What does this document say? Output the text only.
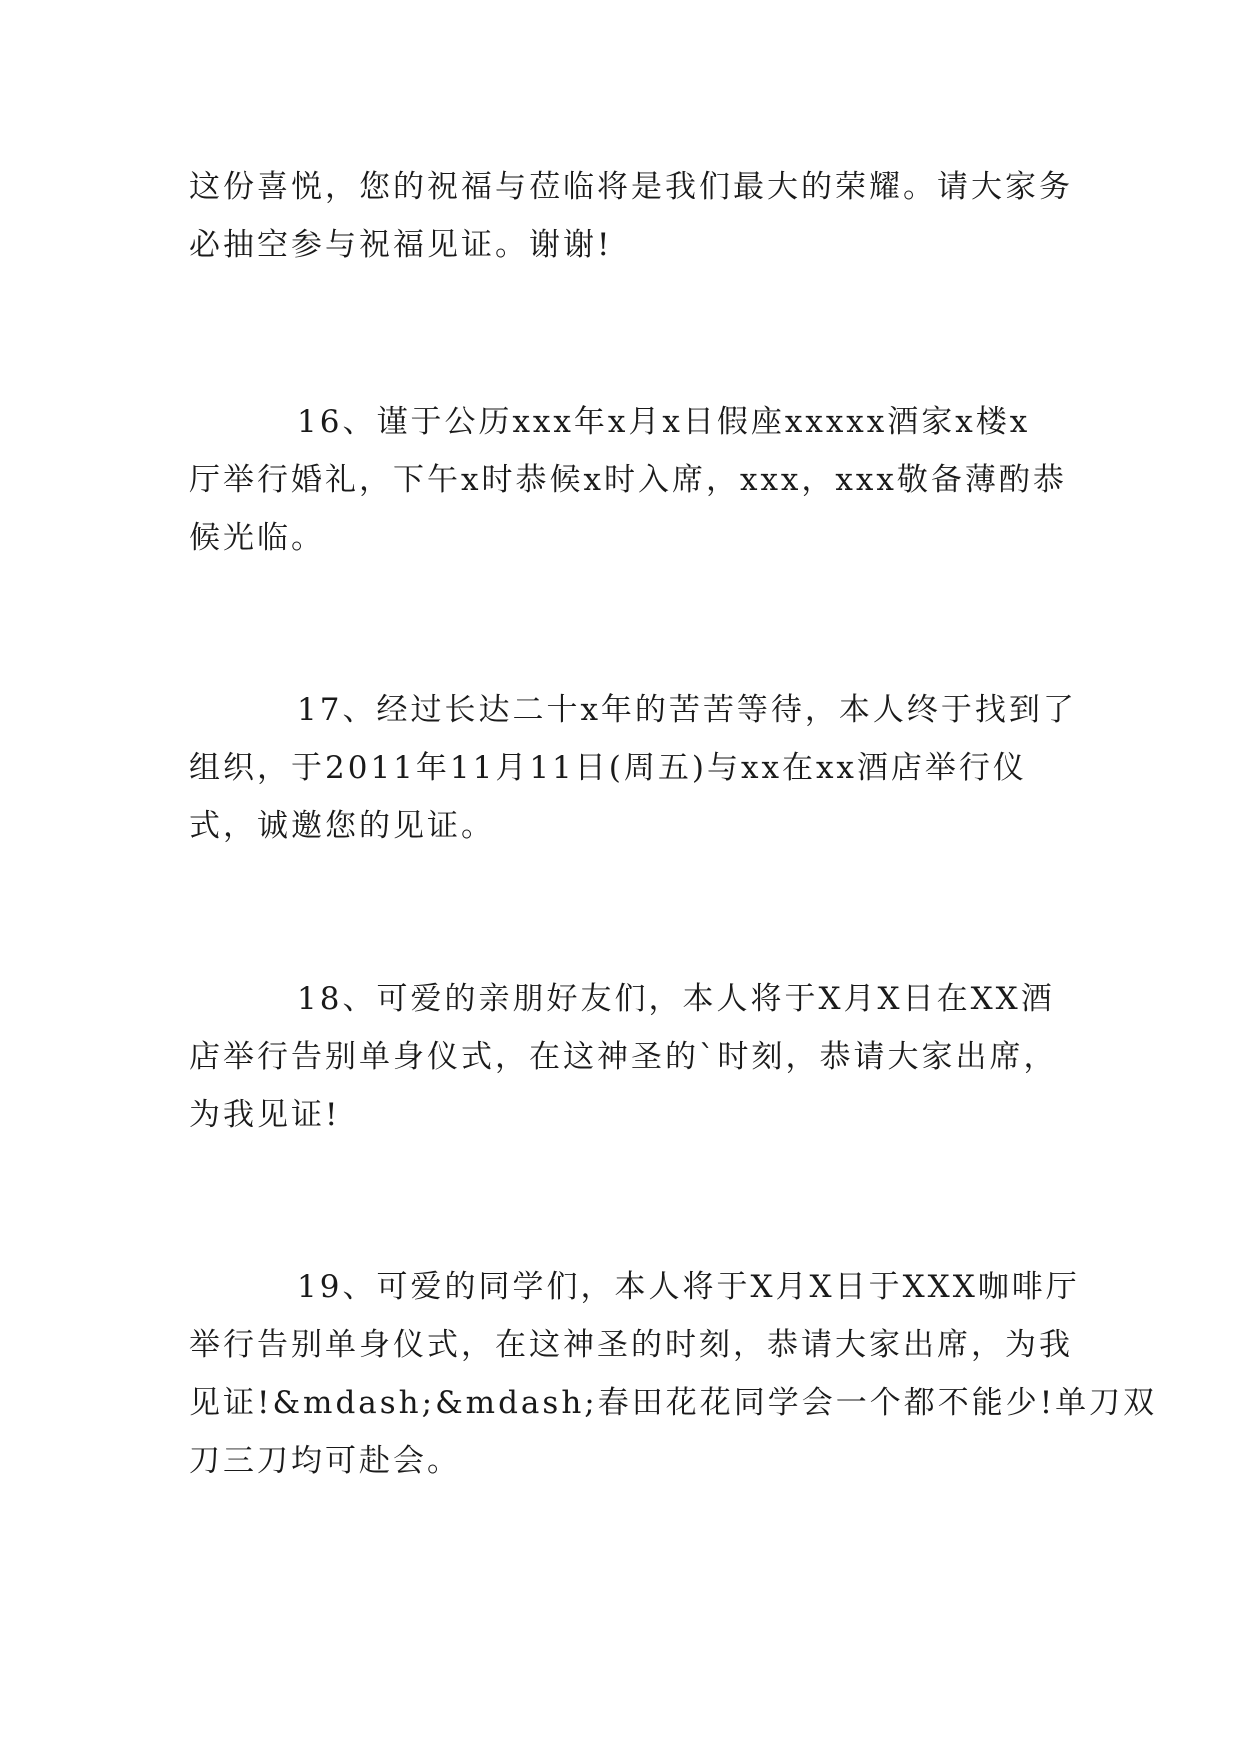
这份喜悦，您的祝福与莅临将是我们最大的荣耀。请大家务
必抽空参与祝福见证。谢谢!
16、谨于公历xxx年x月x日假座xxxxx酒家x楼x
厅举行婚礼，下午x时恭候x时入席，xxx，xxx敬备薄酌恭
候光临。
17、经过长达二十x年的苦苦等待，本人终于找到了
组织，于2011年11月11日(周五)与xx在xx酒店举行仪
式，诚邀您的见证。
18、可爱的亲朋好友们，本人将于X月X日在XX酒
店举行告别单身仪式，在这神圣的`时刻，恭请大家出席，
为我见证!
19、可爱的同学们，本人将于X月X日于XXX咖啡厅
举行告别单身仪式，在这神圣的时刻，恭请大家出席，为我
见证!&mdash;&mdash;春田花花同学会一个都不能少!单刀双
刀三刀均可赴会。
